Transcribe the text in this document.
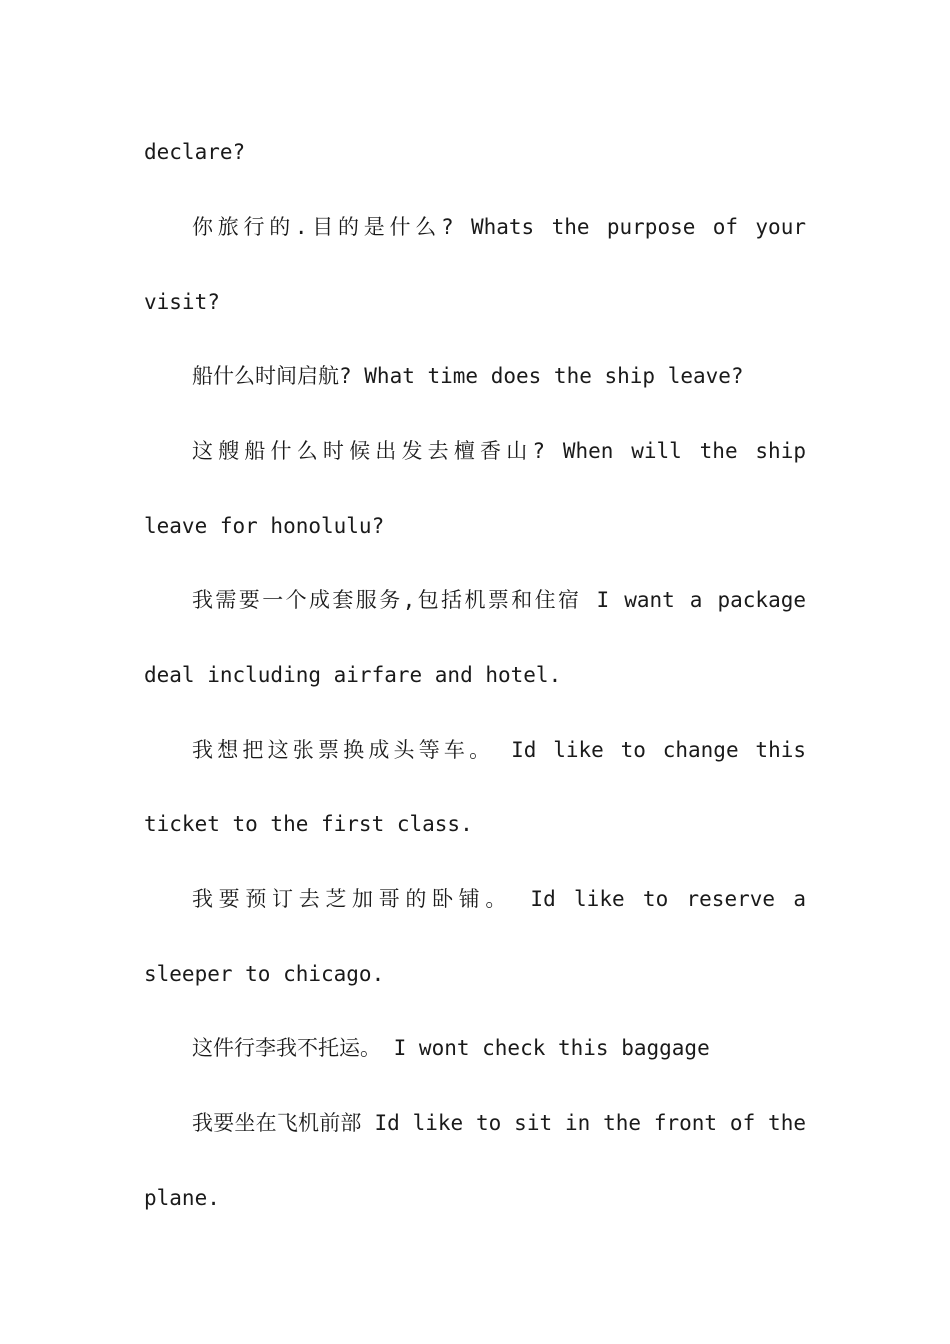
declare?
你旅行的.目的是什么? Whats the purpose of your
visit?
船什么时间启航? What time does the ship leave?
这艘船什么时候出发去檀香山? When will the ship
leave for honolulu?
我需要一个成套服务,包括机票和住宿 I want a package
deal including airfare and hotel.
我想把这张票换成头等车。 Id like to change this
ticket to the first class.
我要预订去芝加哥的卧铺。 Id like to reserve a
sleeper to chicago.
这件行李我不托运。 I wont check this baggage
我要坐在飞机前部 Id like to sit in the front of the
plane.
